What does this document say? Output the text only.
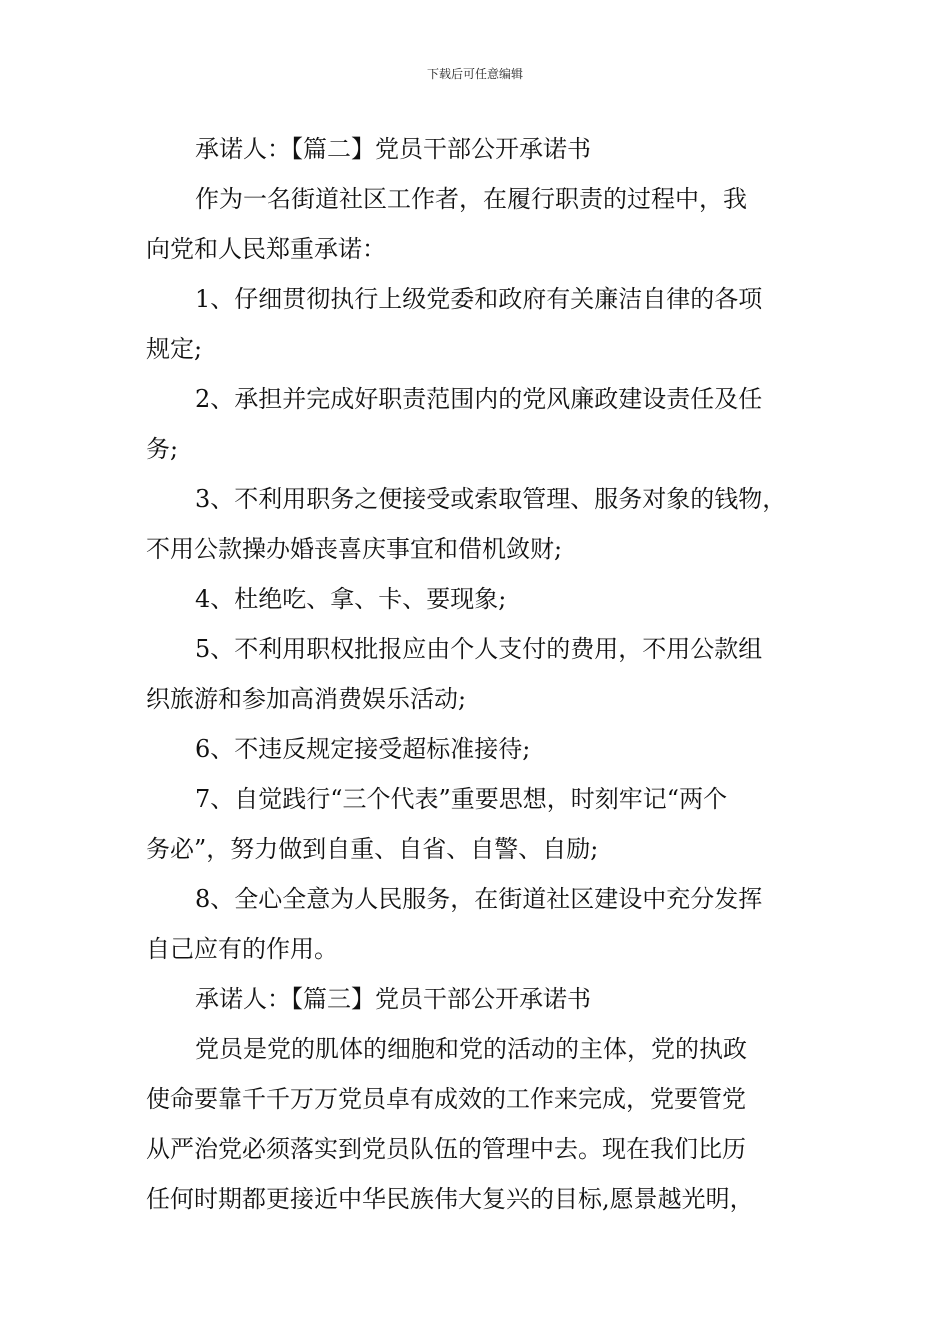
下载后可任意编辑
承诺人：【篇二】党员干部公开承诺书
作为一名街道社区工作者，在履行职责的过程中，我
向党和人民郑重承诺：
1、仔细贯彻执行上级党委和政府有关廉洁自律的各项
规定;
2、承担并完成好职责范围内的党风廉政建设责任及任
务;
3、不利用职务之便接受或索取管理、服务对象的钱物，
不用公款操办婚丧喜庆事宜和借机敛财;
4、杜绝吃、拿、卡、要现象;
5、不利用职权批报应由个人支付的费用，不用公款组
织旅游和参加高消费娱乐活动;
6、不违反规定接受超标准接待;
7、自觉践行“三个代表”重要思想，时刻牢记“两个
务必”，努力做到自重、自省、自警、自励;
8、全心全意为人民服务，在街道社区建设中充分发挥
自己应有的作用。
承诺人：【篇三】党员干部公开承诺书
党员是党的肌体的细胞和党的活动的主体，党的执政
使命要靠千千万万党员卓有成效的工作来完成，党要管党
从严治党必须落实到党员队伍的管理中去。现在我们比历
任何时期都更接近中华民族伟大复兴的目标,愿景越光明，
